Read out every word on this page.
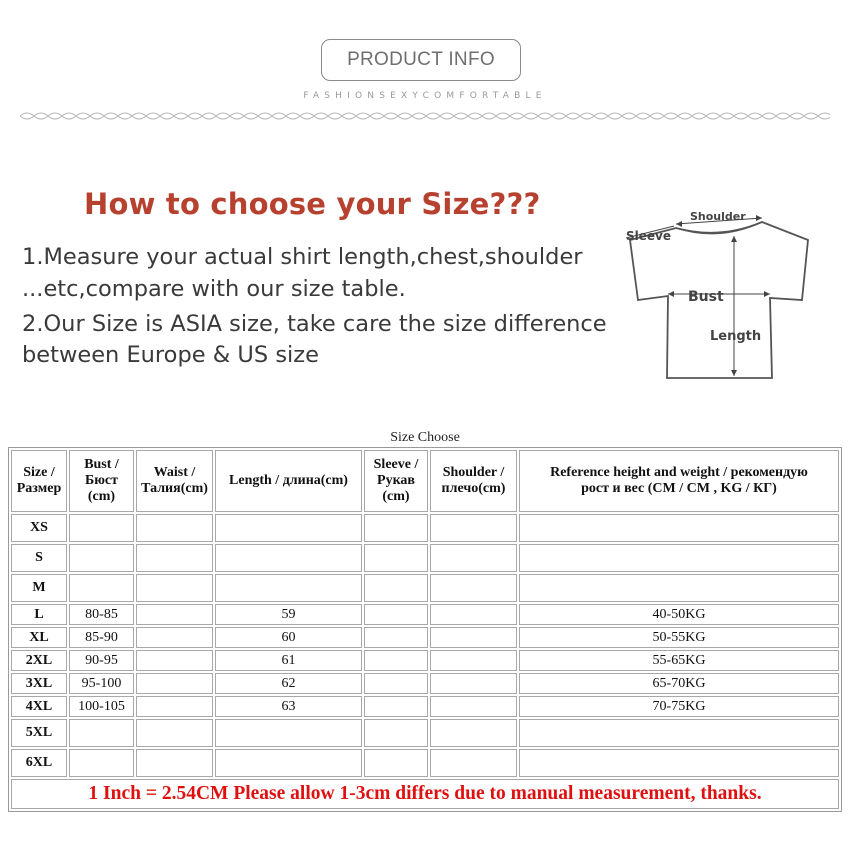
PRODUCT INFO
FASHIONSEXYCOMFORTABLE
How to choose your Size???
1.Measure your actual shirt length,chest,shoulder
...etc,compare with our size table.
2.Our Size is ASIA size, take care the size difference
between Europe & US size
Shoulder
Sleeve
Bust
Length
Size Choose
Size /
Размер	Bust /
Бюст
(cm)	Waist /
Талия(cm)	Length / длина(cm)	Sleeve /
Рукав
(cm)	Shoulder /
плечо(cm)	Reference height and weight / рекомендую
рост и вес (CM / CM , KG / КГ)
XS						
S						
M						
L	80-85		59			40-50KG
XL	85-90		60			50-55KG
2XL	90-95		61			55-65KG
3XL	95-100		62			65-70KG
4XL	100-105		63			70-75KG
5XL						
6XL						
1 Inch = 2.54CM Please allow 1-3cm differs due to manual measurement, thanks.						
